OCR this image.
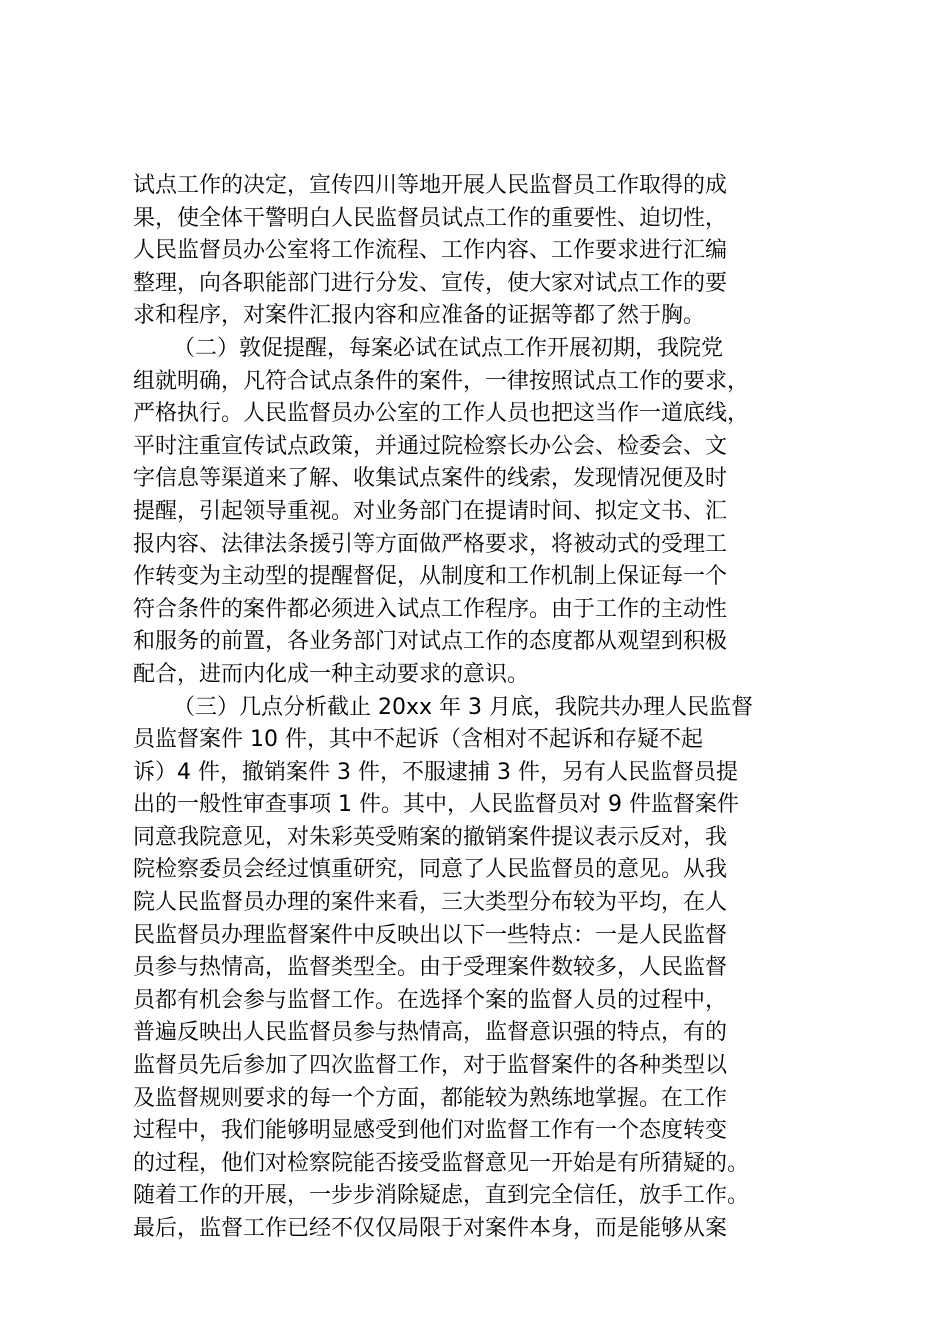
试点工作的决定，宣传四川等地开展人民监督员工作取得的成
果，使全体干警明白人民监督员试点工作的重要性、迫切性，
人民监督员办公室将工作流程、工作内容、工作要求进行汇编
整理，向各职能部门进行分发、宣传，使大家对试点工作的要
求和程序，对案件汇报内容和应准备的证据等都了然于胸。
（二）敦促提醒，每案必试在试点工作开展初期，我院党
组就明确，凡符合试点条件的案件，一律按照试点工作的要求，
严格执行。人民监督员办公室的工作人员也把这当作一道底线，
平时注重宣传试点政策，并通过院检察长办公会、检委会、文
字信息等渠道来了解、收集试点案件的线索，发现情况便及时
提醒，引起领导重视。对业务部门在提请时间、拟定文书、汇
报内容、法律法条援引等方面做严格要求，将被动式的受理工
作转变为主动型的提醒督促，从制度和工作机制上保证每一个
符合条件的案件都必须进入试点工作程序。由于工作的主动性
和服务的前置，各业务部门对试点工作的态度都从观望到积极
配合，进而内化成一种主动要求的意识。
（三）几点分析截止 20xx 年 3 月底，我院共办理人民监督
员监督案件 10 件，其中不起诉（含相对不起诉和存疑不起
诉）4 件，撤销案件 3 件，不服逮捕 3 件，另有人民监督员提
出的一般性审查事项 1 件。其中，人民监督员对 9 件监督案件
同意我院意见，对朱彩英受贿案的撤销案件提议表示反对，我
院检察委员会经过慎重研究，同意了人民监督员的意见。从我
院人民监督员办理的案件来看，三大类型分布较为平均，在人
民监督员办理监督案件中反映出以下一些特点：一是人民监督
员参与热情高，监督类型全。由于受理案件数较多，人民监督
员都有机会参与监督工作。在选择个案的监督人员的过程中，
普遍反映出人民监督员参与热情高，监督意识强的特点，有的
监督员先后参加了四次监督工作，对于监督案件的各种类型以
及监督规则要求的每一个方面，都能较为熟练地掌握。在工作
过程中，我们能够明显感受到他们对监督工作有一个态度转变
的过程，他们对检察院能否接受监督意见一开始是有所猜疑的。
随着工作的开展，一步步消除疑虑，直到完全信任，放手工作。
最后，监督工作已经不仅仅局限于对案件本身，而是能够从案
